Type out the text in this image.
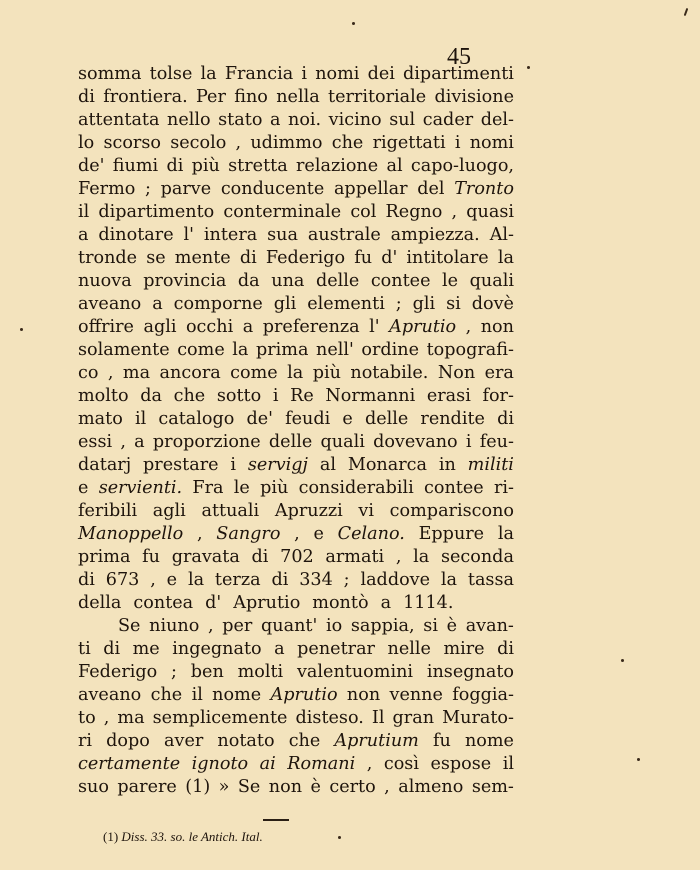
45
somma tolse la Francia i nomi dei dipartimenti
di frontiera. Per fino nella territoriale divisione
attentata nello stato a noi. vicino sul cader del-
lo scorso secolo , udimmo che rigettati i nomi
de' fiumi di più stretta relazione al capo-luogo,
Fermo ; parve conducente appellar del Tronto
il dipartimento conterminale col Regno , quasi
a dinotare l' intera sua australe ampiezza. Al-
tronde se mente di Federigo fu d' intitolare la
nuova provincia da una delle contee le quali
aveano a comporne gli elementi ; gli si dovè
offrire agli occhi a preferenza l' Aprutio , non
solamente come la prima nell' ordine topografi-
co , ma ancora come la più notabile. Non era
molto da che sotto i Re Normanni erasi for-
mato il catalogo de' feudi e delle rendite di
essi , a proporzione delle quali dovevano i feu-
datarj prestare i servigj al Monarca in militi
e servienti. Fra le più considerabili contee ri-
feribili agli attuali Apruzzi vi compariscono
Manoppello , Sangro , e Celano. Eppure la
prima fu gravata di 702 armati , la seconda
di 673 , e la terza di 334 ; laddove la tassa
della contea d' Aprutio montò a 1114.
Se niuno , per quant' io sappia, si è avan-
ti di me ingegnato a penetrar nelle mire di
Federigo ; ben molti valentuomini insegnato
aveano che il nome Aprutio non venne foggia-
to , ma semplicemente disteso. Il gran Murato-
ri dopo aver notato che Aprutium fu nome
certamente ignoto ai Romani , così espose il
suo parere (1) » Se non è certo , almeno sem-
(1) Diss. 33. so. le Antich. Ital.
